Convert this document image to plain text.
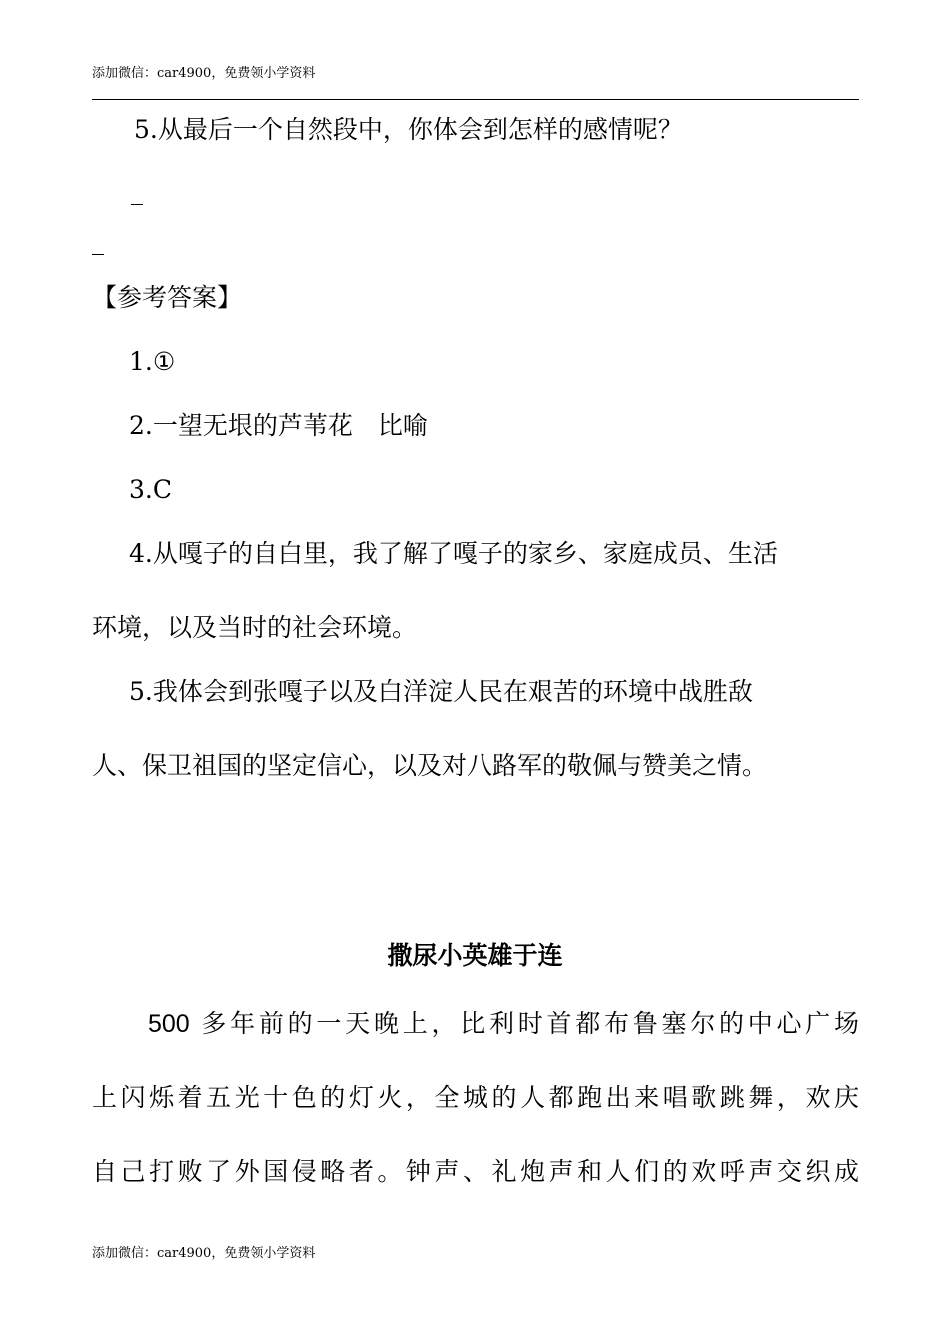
添加微信：car4900，免费领小学资料
5.从最后一个自然段中，你体会到怎样的感情呢？
【参考答案】
1.①
2.一望无垠的芦苇花　比喻
3.C
4.从嘎子的自白里，我了解了嘎子的家乡、家庭成员、生活
环境，以及当时的社会环境。
5.我体会到张嘎子以及白洋淀人民在艰苦的环境中战胜敌
人、保卫祖国的坚定信心，以及对八路军的敬佩与赞美之情。
撒尿小英雄于连
500 多年前的一天晚上，比利时首都布鲁塞尔的中心广场
上闪烁着五光十色的灯火，全城的人都跑出来唱歌跳舞，欢庆
自己打败了外国侵略者。钟声、礼炮声和人们的欢呼声交织成
添加微信：car4900，免费领小学资料
